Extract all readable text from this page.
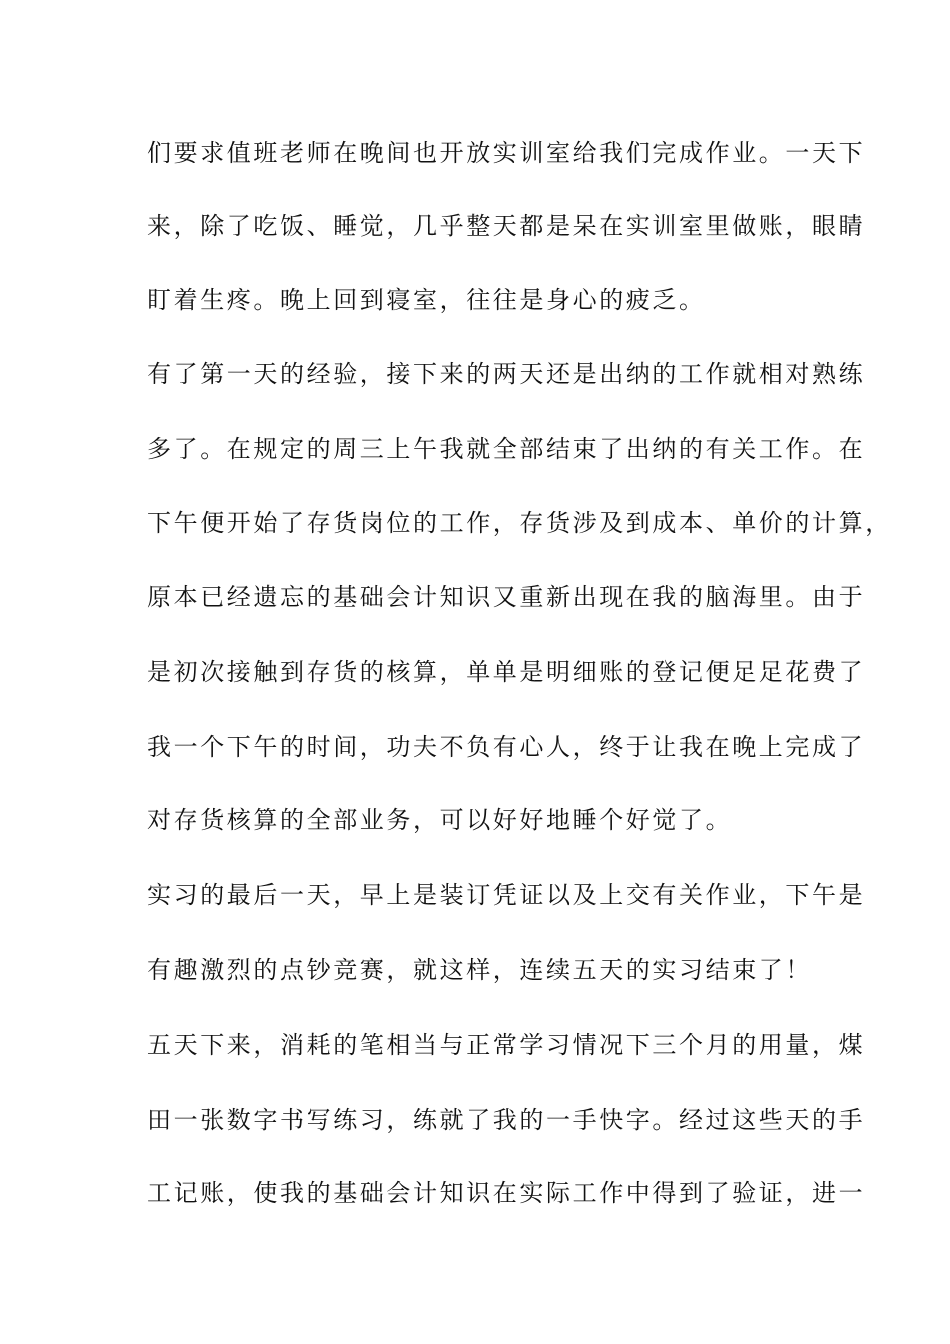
们要求值班老师在晚间也开放实训室给我们完成作业。一天下
来，除了吃饭、睡觉，几乎整天都是呆在实训室里做账，眼睛
盯着生疼。晚上回到寝室，往往是身心的疲乏。
有了第一天的经验，接下来的两天还是出纳的工作就相对熟练
多了。在规定的周三上午我就全部结束了出纳的有关工作。在
下午便开始了存货岗位的工作，存货涉及到成本、单价的计算，
原本已经遗忘的基础会计知识又重新出现在我的脑海里。由于
是初次接触到存货的核算，单单是明细账的登记便足足花费了
我一个下午的时间，功夫不负有心人，终于让我在晚上完成了
对存货核算的全部业务，可以好好地睡个好觉了。
实习的最后一天，早上是装订凭证以及上交有关作业，下午是
有趣激烈的点钞竞赛，就这样，连续五天的实习结束了！
五天下来，消耗的笔相当与正常学习情况下三个月的用量，煤
田一张数字书写练习，练就了我的一手快字。经过这些天的手
工记账，使我的基础会计知识在实际工作中得到了验证，进一
